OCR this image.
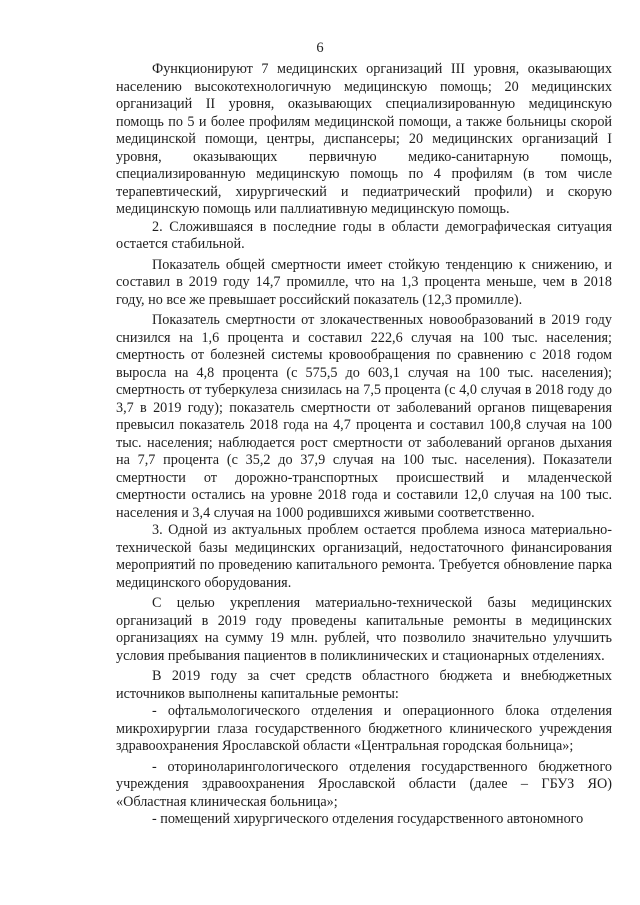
6

Функционируют 7 медицинских организаций III уровня, оказывающих населению высокотехнологичную медицинскую помощь; 20 медицинских организаций II уровня, оказывающих специализированную медицинскую помощь по 5 и более профилям медицинской помощи, а также больницы скорой медицинской помощи, центры, диспансеры; 20 медицинских организаций I уровня, оказывающих первичную медико-санитарную помощь, специализированную медицинскую помощь по 4 профилям (в том числе терапевтический, хирургический и педиатрический профили) и скорую медицинскую помощь или паллиативную медицинскую помощь.

2. Сложившаяся в последние годы в области демографическая ситуация остается стабильной.

Показатель общей смертности имеет стойкую тенденцию к снижению, и составил в 2019 году 14,7 промилле, что на 1,3 процента меньше, чем в 2018 году, но все же превышает российский показатель (12,3 промилле).

Показатель смертности от злокачественных новообразований в 2019 году снизился на 1,6 процента и составил 222,6 случая на 100 тыс. населения; смертность от болезней системы кровообращения по сравнению с 2018 годом выросла на 4,8 процента (с 575,5 до 603,1 случая на 100 тыс. населения); смертность от туберкулеза снизилась на 7,5 процента (с 4,0 случая в 2018 году до 3,7 в 2019 году); показатель смертности от заболеваний органов пищеварения превысил показатель 2018 года на 4,7 процента и составил 100,8 случая на 100 тыс. населения; наблюдается рост смертности от заболеваний органов дыхания на 7,7 процента (с 35,2 до 37,9 случая на 100 тыс. населения). Показатели смертности от дорожно-транспортных происшествий и младенческой смертности остались на уровне 2018 года и составили 12,0 случая на 100 тыс. населения и 3,4 случая на 1000 родившихся живыми соответственно.

3. Одной из актуальных проблем остается проблема износа материально-технической базы медицинских организаций, недостаточного финансирования мероприятий по проведению капитального ремонта. Требуется обновление парка медицинского оборудования.

С целью укрепления материально-технической базы медицинских организаций в 2019 году проведены капитальные ремонты в медицинских организациях на сумму 19 млн. рублей, что позволило значительно улучшить условия пребывания пациентов в поликлинических и стационарных отделениях.

В 2019 году за счет средств областного бюджета и внебюджетных источников выполнены капитальные ремонты:

- офтальмологического отделения и операционного блока отделения микрохирургии глаза государственного бюджетного клинического учреждения здравоохранения Ярославской области «Центральная городская больница»;

- оториноларингологического отделения государственного бюджетного учреждения здравоохранения Ярославской области (далее – ГБУЗ ЯО) «Областная клиническая больница»;

- помещений хирургического отделения государственного автономного
